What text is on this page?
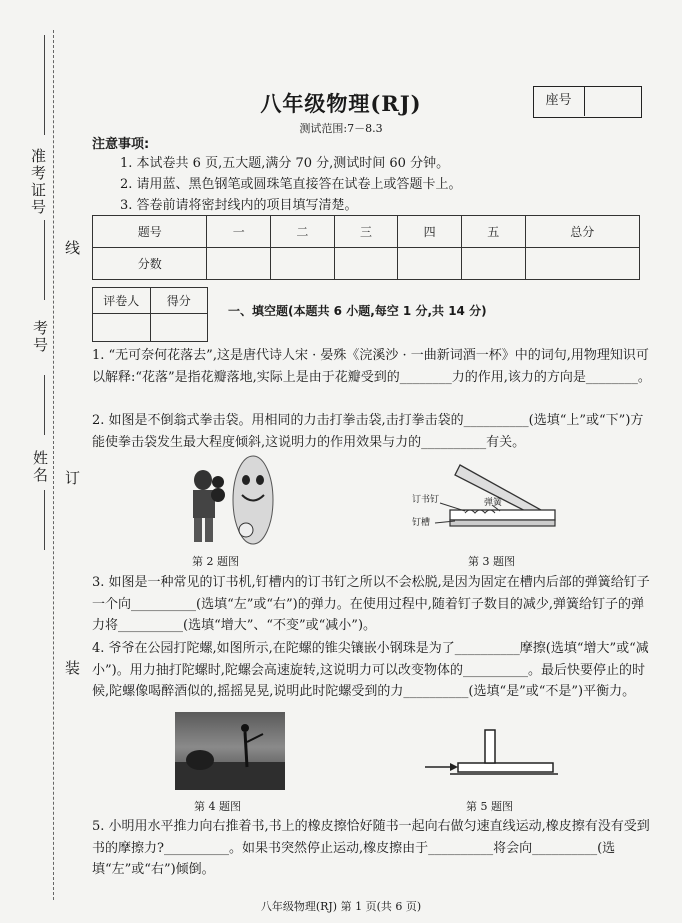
准考证号
线
考号
姓名 订
装
八年级物理(RJ)
测试范围:7－8.3
座号
注意事项:
1. 本试卷共 6 页,五大题,满分 70 分,测试时间 60 分钟。
2. 请用蓝、黑色钢笔或圆珠笔直接答在试卷上或答题卡上。
3. 答卷前请将密封线内的项目填写清楚。
题号	一	二	三	四	五	总分
分数						
评卷人	得分

一、填空题(本题共 6 小题,每空 1 分,共 14 分)

1. “无可奈何花落去”,这是唐代诗人宋 · 晏殊《浣溪沙 · 一曲新词酒一杯》中的词句,用物理知识可以解释:“花落”是指花瓣落地,实际上是由于花瓣受到的________力的作用,该力的方向是________。

2. 如图是不倒翁式拳击袋。用相同的力击打拳击袋,击打拳击袋的__________(选填“上”或“下”)方能使拳击袋发生最大程度倾斜,这说明力的作用效果与力的__________有关。

第 2 题图
订书钉	弹簧
钉槽
第 3 题图

3. 如图是一种常见的订书机,钉槽内的订书钉之所以不会松脱,是因为固定在槽内后部的弹簧给钉子一个向__________(选填“左”或“右”)的弹力。在使用过程中,随着钉子数目的减少,弹簧给钉子的弹力将__________(选填“增大”、“不变”或“减小”)。

4. 爷爷在公园打陀螺,如图所示,在陀螺的锥尖镶嵌小钢珠是为了__________摩擦(选填“增大”或“减小”)。用力抽打陀螺时,陀螺会高速旋转,这说明力可以改变物体的__________。最后快要停止的时候,陀螺像喝醉酒似的,摇摇晃晃,说明此时陀螺受到的力__________(选填“是”或“不是”)平衡力。

第 4 题图	第 5 题图

5. 小明用水平推力向右推着书,书上的橡皮擦恰好随书一起向右做匀速直线运动,橡皮擦有没有受到书的摩擦力?__________。如果书突然停止运动,橡皮擦由于__________将会向__________(选填“左”或“右”)倾倒。

八年级物理(RJ) 第 1 页(共 6 页)
